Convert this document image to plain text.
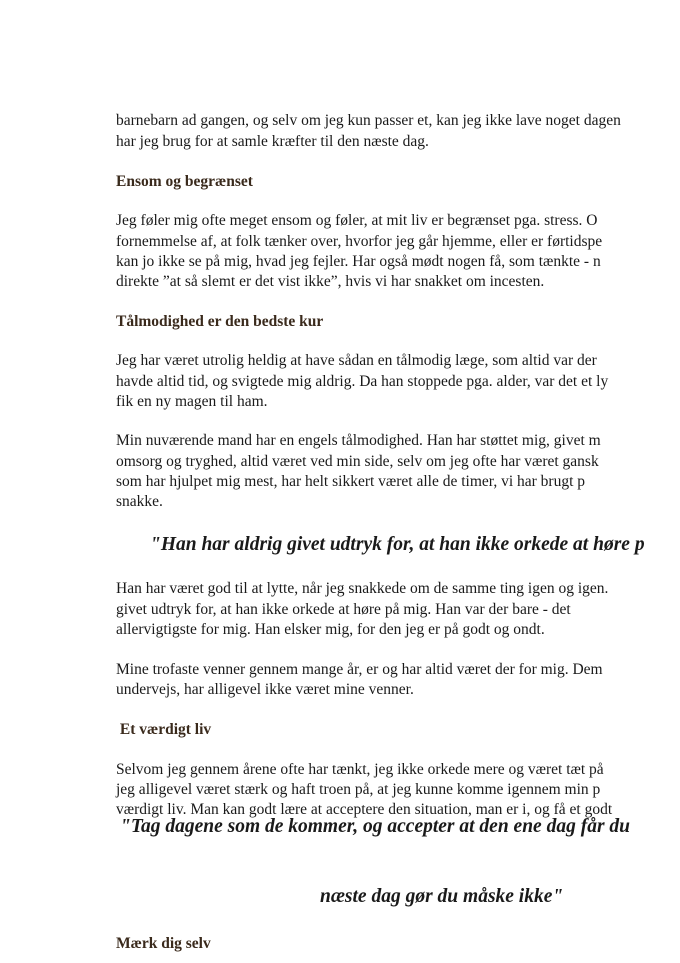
barnebarn ad gangen, og selv om jeg kun passer et, kan jeg ikke lave noget dagen
har jeg brug for at samle kræfter til den næste dag.
Ensom og begrænset
Jeg føler mig ofte meget ensom og føler, at mit liv er begrænset pga. stress. O
fornemmelse af, at folk tænker over, hvorfor jeg går hjemme, eller er førtidspe
kan jo ikke se på mig, hvad jeg fejler. Har også mødt nogen få, som tænkte - n
direkte ”at så slemt er det vist ikke”, hvis vi har snakket om incesten.
Tålmodighed er den bedste kur
Jeg har været utrolig heldig at have sådan en tålmodig læge, som altid var der
havde altid tid, og svigtede mig aldrig. Da han stoppede pga. alder, var det et ly
fik en ny magen til ham.
Min nuværende mand har en engels tålmodighed. Han har støttet mig, givet m
omsorg og tryghed, altid været ved min side, selv om jeg ofte har været gansk
som har hjulpet mig mest, har helt sikkert været alle de timer, vi har brugt p
snakke.
"Han har aldrig givet udtryk for, at han ikke orkede at høre p
Han har været god til at lytte, når jeg snakkede om de samme ting igen og igen.
givet udtryk for, at han ikke orkede at høre på mig. Han var der bare - det
allervigtigste for mig. Han elsker mig, for den jeg er på godt og ondt.
Mine trofaste venner gennem mange år, er og har altid været der for mig. Dem
undervejs, har alligevel ikke været mine venner.
Et værdigt liv
Selvom jeg gennem årene ofte har tænkt, jeg ikke orkede mere og været tæt på
jeg alligevel været stærk og haft troen på, at jeg kunne komme igennem min p
værdigt liv. Man kan godt lære at acceptere den situation, man er i, og få et godt
"Tag dagene som de kommer, og accepter at den ene dag får du
næste dag gør du måske ikke"
Mærk dig selv
